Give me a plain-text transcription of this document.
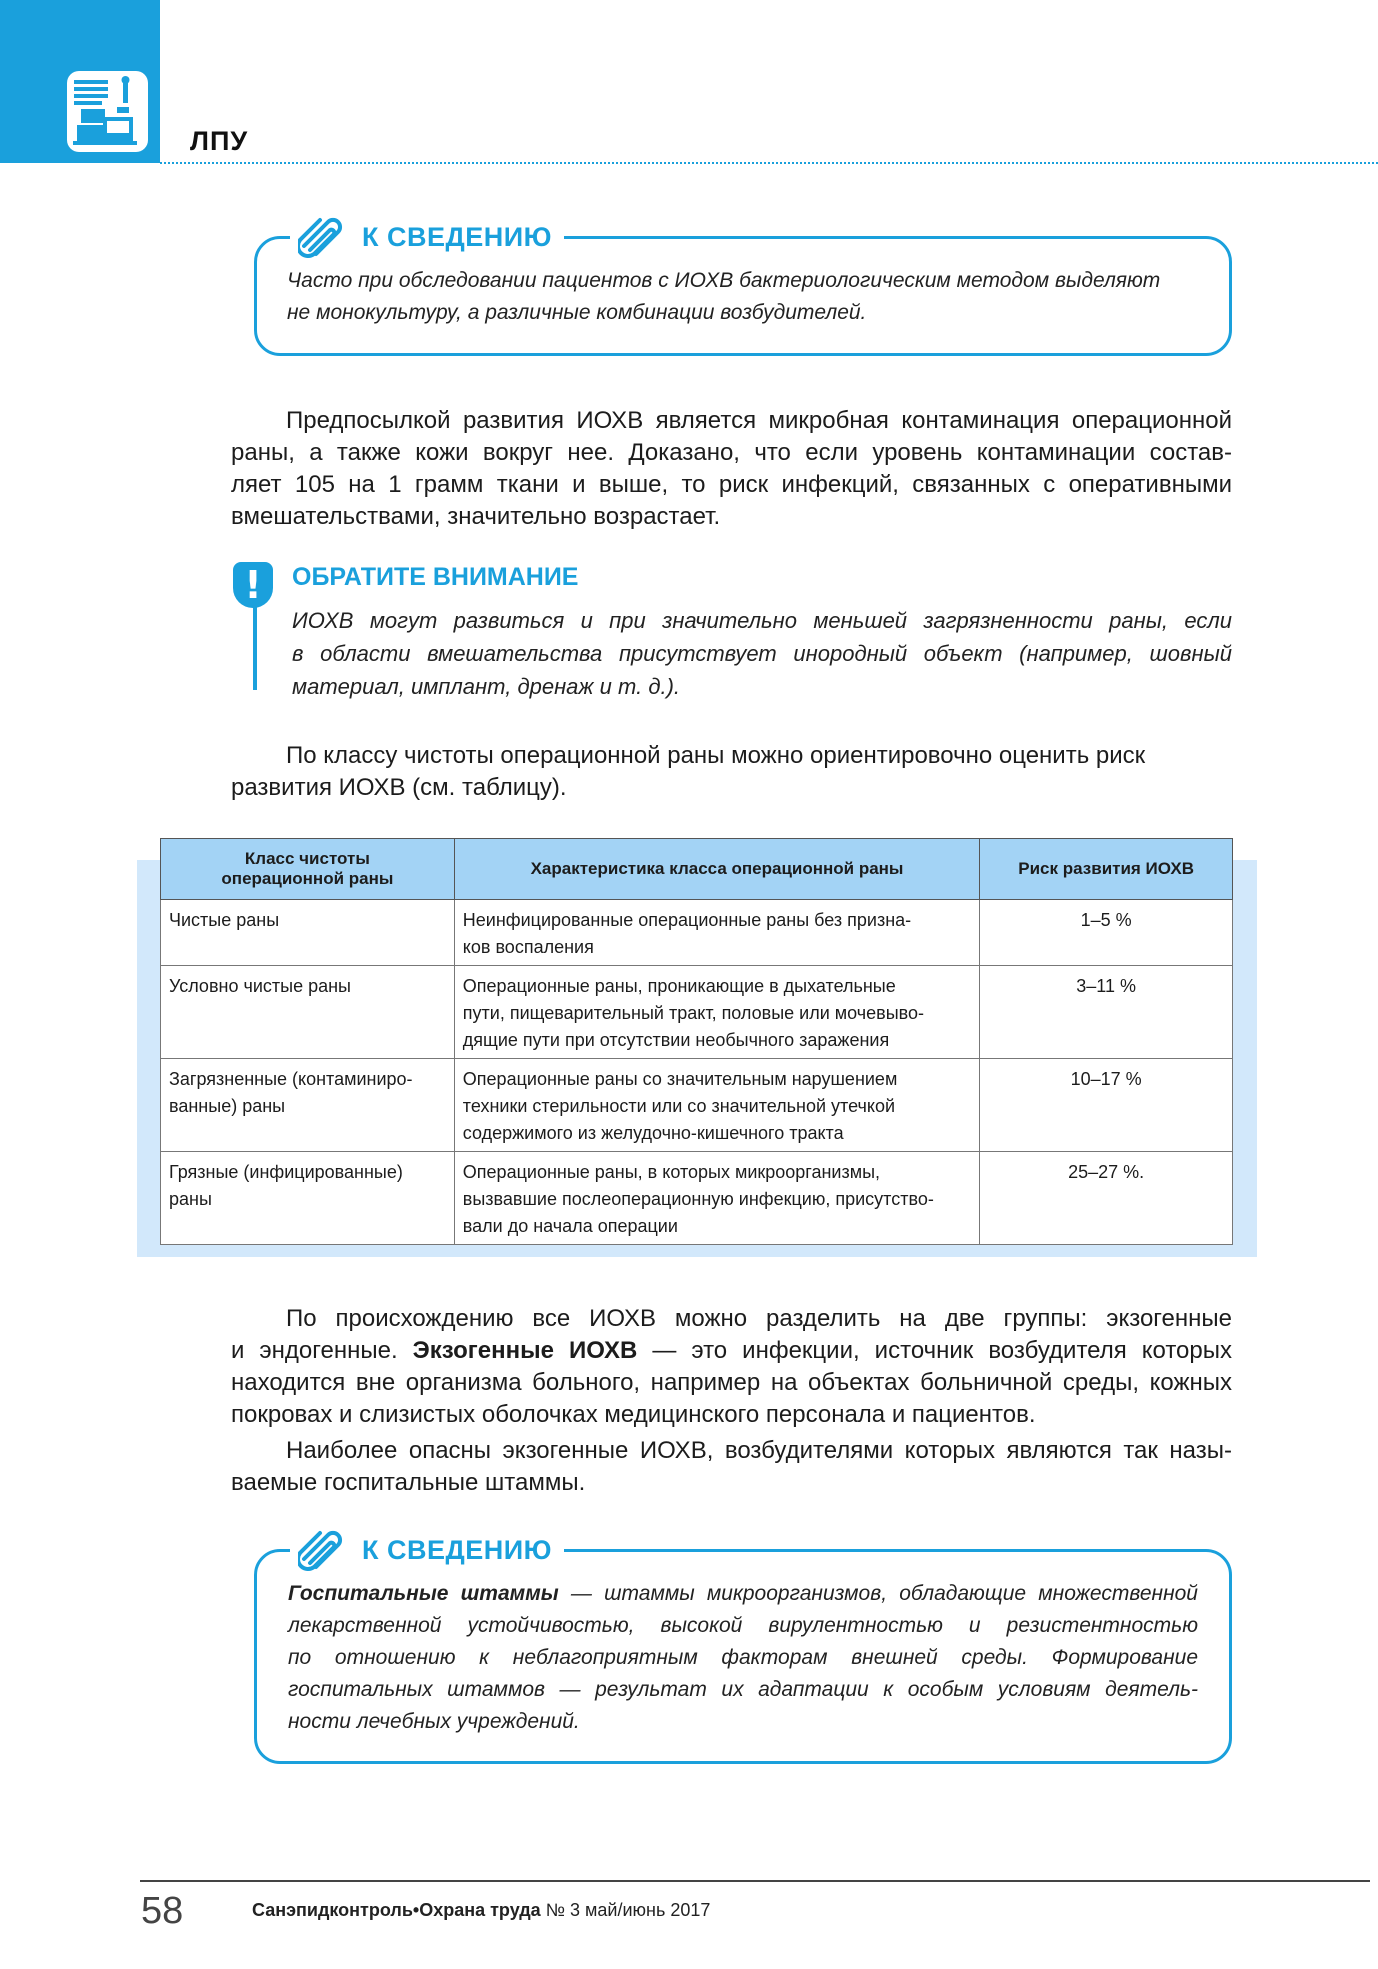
ЛПУ
К СВЕДЕНИЮ
Часто при обследовании пациентов с ИОХВ бактериологическим методом выделяют
не монокультуру, а различные комбинации возбудителей.
Предпосылкой развития ИОХВ является микробная контаминация операционной
раны, а также кожи вокруг нее. Доказано, что если уровень контаминации состав-
ляет 105 на 1 грамм ткани и выше, то риск инфекций, связанных с оперативными
вмешательствами, значительно возрастает.
!	ОБРАТИТЕ ВНИМАНИЕ
ИОХВ могут развиться и при значительно меньшей загрязненности раны, если
в области вмешательства присутствует инородный объект (например, шовный
материал, имплант, дренаж и т. д.).
По классу чистоты операционной раны можно ориентировочно оценить риск
развития ИОХВ (см. таблицу).
Класс чистоты
операционной раны	Характеристика класса операционной раны	Риск развития ИОХВ

Чистые раны	Неинфицированные операционные раны без призна-
ков воспаления	1–5 %

Условно чистые раны	Операционные раны, проникающие в дыхательные
пути, пищеварительный тракт, половые или мочевыво-
дящие пути при отсутствии необычного заражения	3–11 %

Загрязненные (контаминиро-
ванные) раны	Операционные раны со значительным нарушением
техники стерильности или со значительной утечкой
содержимого из желудочно-кишечного тракта	10–17 %

Грязные (инфицированные)
раны	Операционные раны, в которых микроорганизмы,
вызвавшие послеоперационную инфекцию, присутство-
вали до начала операции	25–27 %.
По происхождению все ИОХВ можно разделить на две группы: экзогенные
и эндогенные. Экзогенные ИОХВ — это инфекции, источник возбудителя которых
находится вне организма больного, например на объектах больничной среды, кожных
покровах и слизистых оболочках медицинского персонала и пациентов.
Наиболее опасны экзогенные ИОХВ, возбудителями которых являются так назы-
ваемые госпитальные штаммы.
К СВЕДЕНИЮ
Госпитальные штаммы — штаммы микроорганизмов, обладающие множественной
лекарственной устойчивостью, высокой вирулентностью и резистентностью
по отношению к неблагоприятным факторам внешней среды. Формирование
госпитальных штаммов — результат их адаптации к особым условиям деятель-
ности лечебных учреждений.
58	Санэпидконтроль•Охрана труда № 3 май/июнь 2017
